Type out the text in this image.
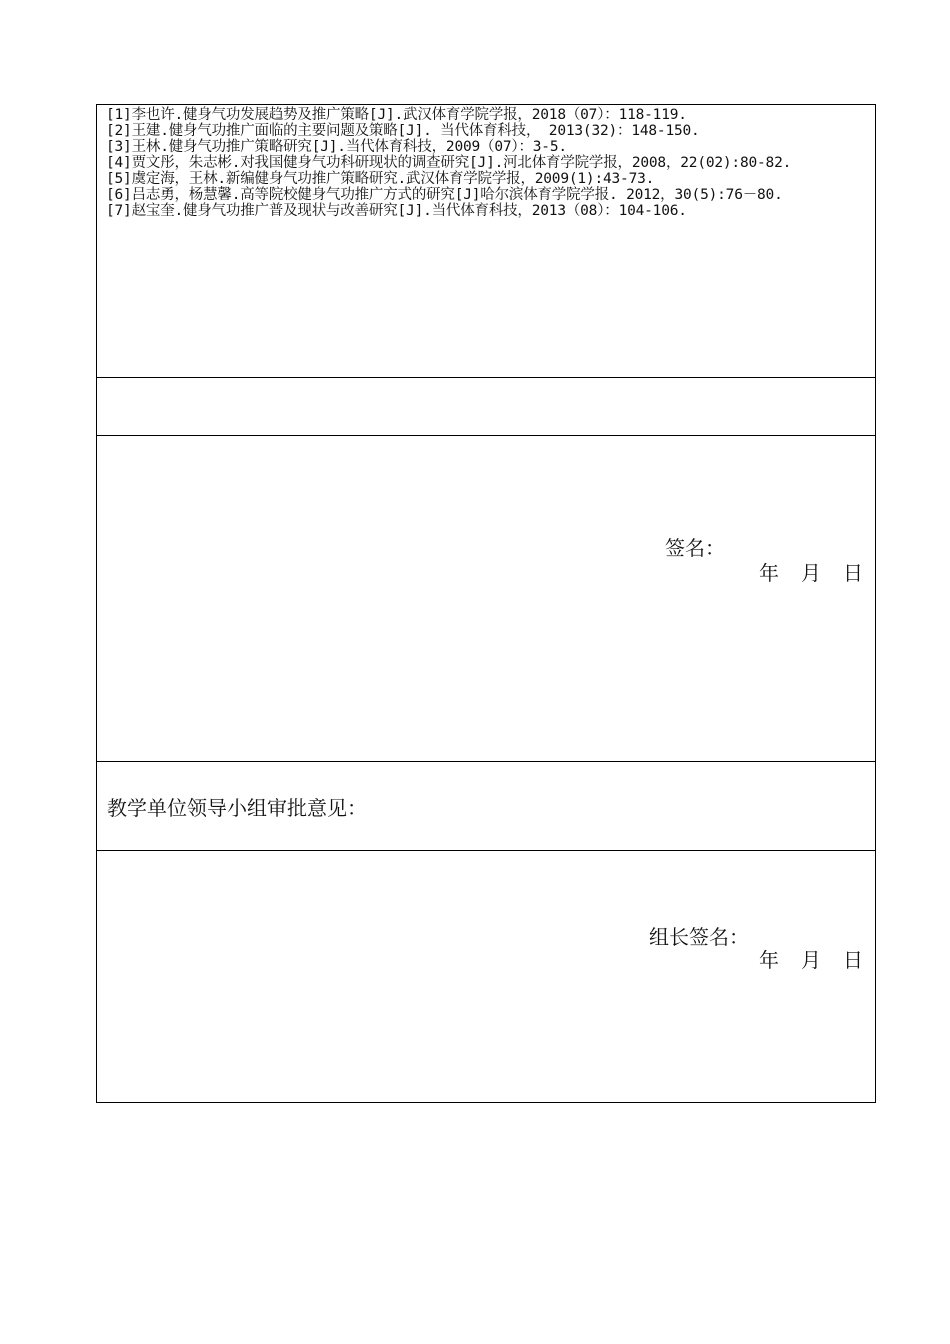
[1]李也许.健身气功发展趋势及推广策略[J].武汉体育学院学报，2018（07）：118-119.
[2]王建.健身气功推广面临的主要问题及策略[J]. 当代体育科技， 2013(32)：148-150.
[3]王林.健身气功推广策略研究[J].当代体育科技，2009（07）：3-5.
[4]贾文彤，朱志彬.对我国健身气功科研现状的调查研究[J].河北体育学院学报，2008，22(02):80-82.
[5]虞定海，王林.新编健身气功推广策略研究.武汉体育学院学报，2009(1):43-73.
[6]吕志勇，杨慧馨.高等院校健身气功推广方式的研究[J]哈尔滨体育学院学报. 2012，30(5):76－80.
[7]赵宝奎.健身气功推广普及现状与改善研究[J].当代体育科技，2013（08）：104-106.
签名：
年 月 日
教学单位领导小组审批意见：
组长签名：
年 月 日
